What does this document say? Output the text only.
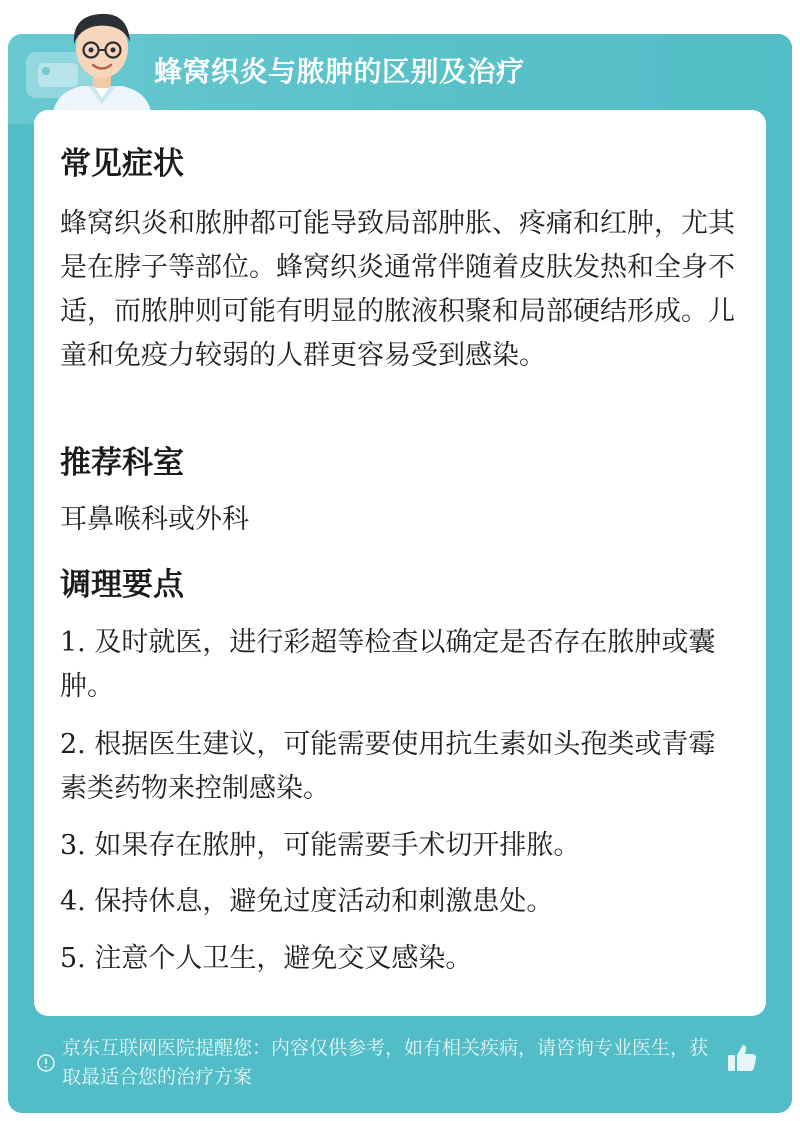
蜂窝织炎与脓肿的区别及治疗
常见症状
蜂窝织炎和脓肿都可能导致局部肿胀、疼痛和红肿，尤其是在脖子等部位。蜂窝织炎通常伴随着皮肤发热和全身不适，而脓肿则可能有明显的脓液积聚和局部硬结形成。儿童和免疫力较弱的人群更容易受到感染。
推荐科室
耳鼻喉科或外科
调理要点
1. 及时就医，进行彩超等检查以确定是否存在脓肿或囊肿。
2. 根据医生建议，可能需要使用抗生素如头孢类或青霉素类药物来控制感染。
3. 如果存在脓肿，可能需要手术切开排脓。
4. 保持休息，避免过度活动和刺激患处。
5. 注意个人卫生，避免交叉感染。
京东互联网医院提醒您：内容仅供参考，如有相关疾病，请咨询专业医生，获取最适合您的治疗方案
